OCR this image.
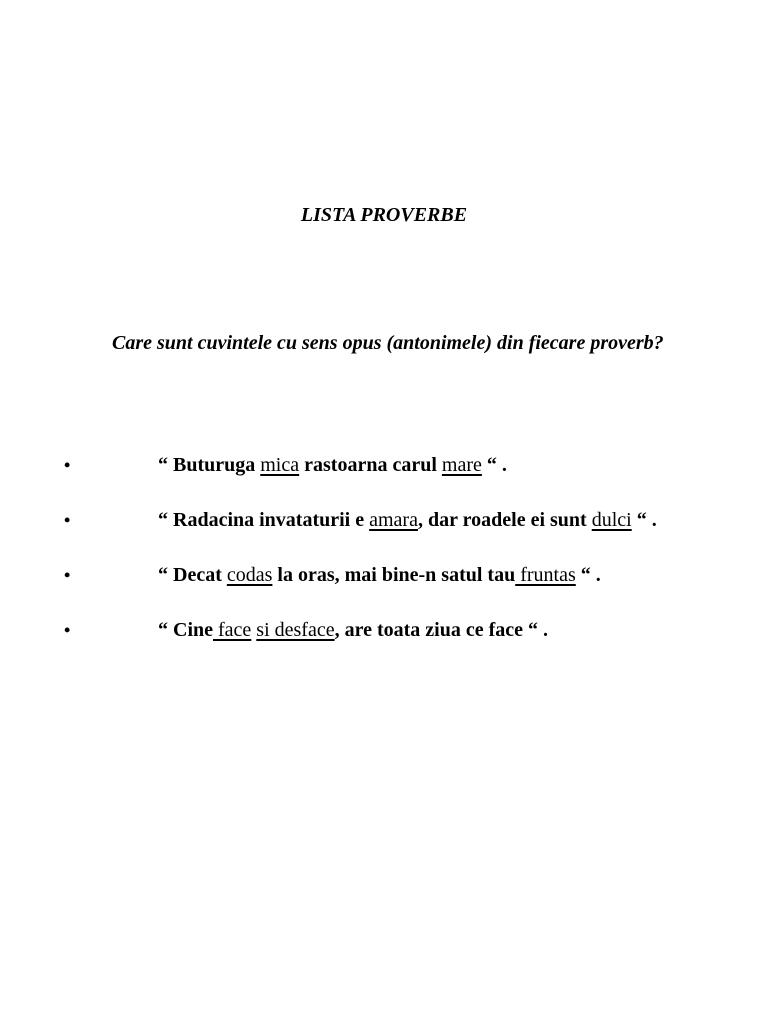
LISTA PROVERBE
Care sunt cuvintele cu sens opus (antonimele) din fiecare proverb?
•	“ Buturuga mica rastoarna carul mare “ .
•	“ Radacina invataturii e amara, dar roadele ei sunt dulci “ .
•	“ Decat codas la oras, mai bine-n satul tau fruntas “ .
•	“ Cine face si desface, are toata ziua ce face “ .
